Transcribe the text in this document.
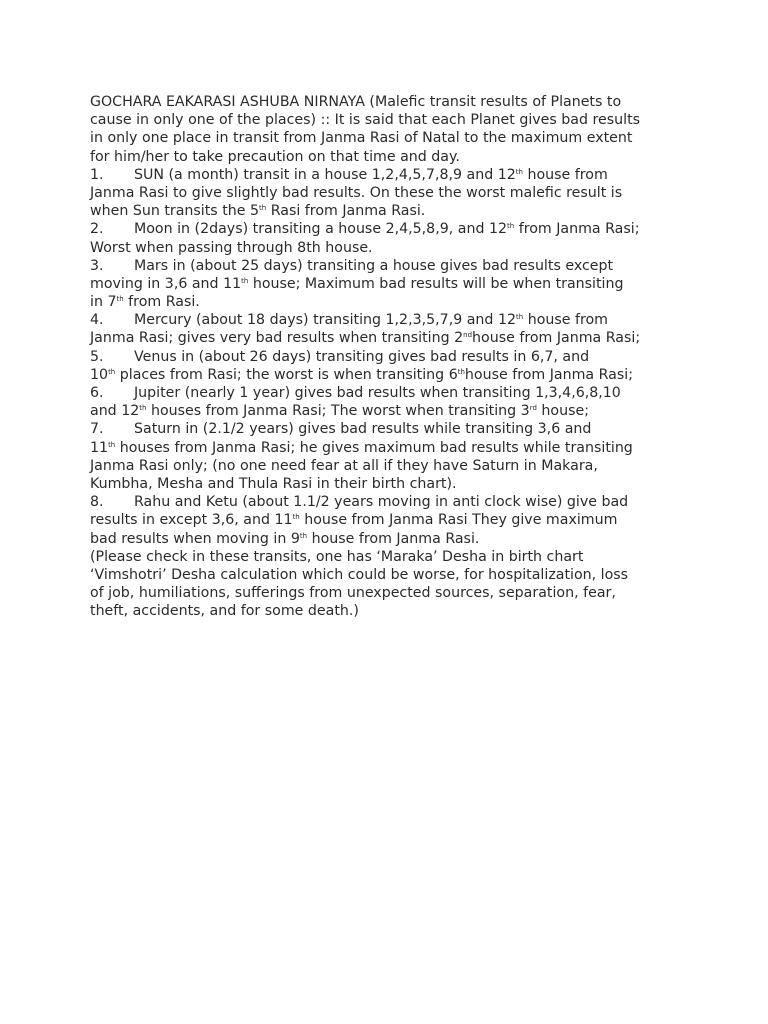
GOCHARA EAKARASI ASHUBA NIRNAYA (Malefic transit results of Planets to
cause in only one of the places) :: It is said that each Planet gives bad results
in only one place in transit from Janma Rasi of Natal to the maximum extent
for him/her to take precaution on that time and day.
1. SUN (a month) transit in a house 1,2,4,5,7,8,9 and 12th house from
Janma Rasi to give slightly bad results. On these the worst malefic result is
when Sun transits the 5th Rasi from Janma Rasi.
2. Moon in (2days) transiting a house 2,4,5,8,9, and 12th from Janma Rasi;
Worst when passing through 8th house.
3. Mars in (about 25 days) transiting a house gives bad results except
moving in 3,6 and 11th house; Maximum bad results will be when transiting
in 7th from Rasi.
4. Mercury (about 18 days) transiting 1,2,3,5,7,9 and 12th house from
Janma Rasi; gives very bad results when transiting 2ndhouse from Janma Rasi;
5. Venus in (about 26 days) transiting gives bad results in 6,7, and
10th places from Rasi; the worst is when transiting 6thhouse from Janma Rasi;
6. Jupiter (nearly 1 year) gives bad results when transiting 1,3,4,6,8,10
and 12th houses from Janma Rasi; The worst when transiting 3rd house;
7. Saturn in (2.1/2 years) gives bad results while transiting 3,6 and
11th houses from Janma Rasi; he gives maximum bad results while transiting
Janma Rasi only; (no one need fear at all if they have Saturn in Makara,
Kumbha, Mesha and Thula Rasi in their birth chart).
8. Rahu and Ketu (about 1.1/2 years moving in anti clock wise) give bad
results in except 3,6, and 11th house from Janma Rasi They give maximum
bad results when moving in 9th house from Janma Rasi.
(Please check in these transits, one has ‘Maraka’ Desha in birth chart
‘Vimshotri’ Desha calculation which could be worse, for hospitalization, loss
of job, humiliations, sufferings from unexpected sources, separation, fear,
theft, accidents, and for some death.)
